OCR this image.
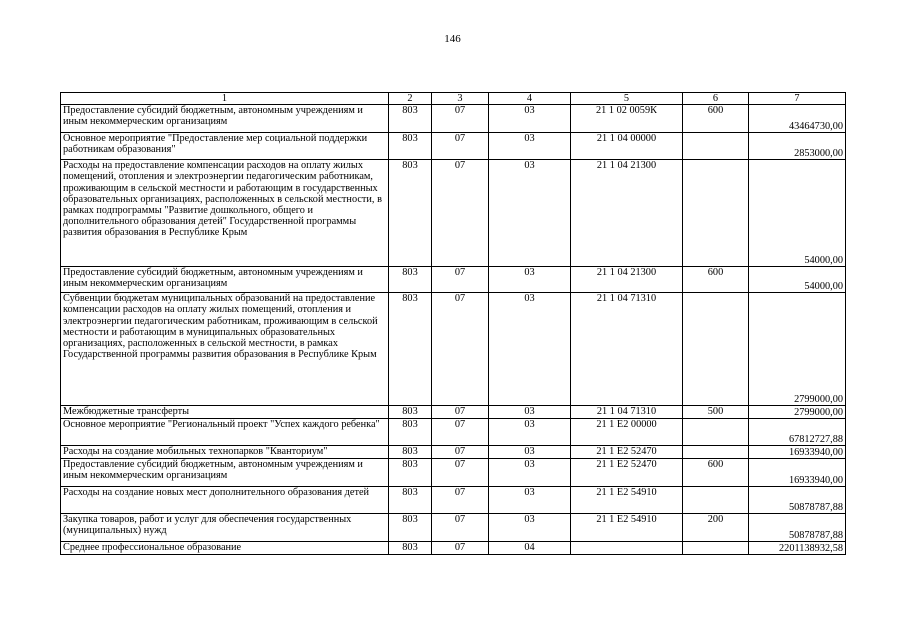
146
1	2	3	4	5	6	7
Предоставление субсидий бюджетным, автономным учреждениям и иным некоммерческим организациям	803	07	03	21 1 02 0059К	600	43464730,00
Основное мероприятие "Предоставление мер социальной поддержки работникам образования"	803	07	03	21 1 04 00000		2853000,00
Расходы на предоставление компенсации расходов на оплату жилых помещений, отопления и электроэнергии педагогическим работникам, проживающим в сельской местности и работающим в государственных образовательных организациях, расположенных в сельской местности, в рамках подпрограммы "Развитие дошкольного, общего и дополнительного образования детей" Государственной программы развития образования в Республике Крым	803	07	03	21 1 04 21300		54000,00
Предоставление субсидий бюджетным, автономным учреждениям и иным некоммерческим организациям	803	07	03	21 1 04 21300	600	54000,00
Субвенции бюджетам муниципальных образований на предоставление компенсации расходов на оплату жилых помещений, отопления и электроэнергии педагогическим работникам, проживающим в сельской местности и работающим в муниципальных образовательных организациях, расположенных в сельской местности, в рамках Государственной программы развития образования в Республике Крым	803	07	03	21 1 04 71310		2799000,00
Межбюджетные трансферты	803	07	03	21 1 04 71310	500	2799000,00
Основное мероприятие "Региональный проект "Успех каждого ребенка"	803	07	03	21 1 E2 00000		67812727,88
Расходы на создание мобильных технопарков "Кванториум"	803	07	03	21 1 E2 52470		16933940,00
Предоставление субсидий бюджетным, автономным учреждениям и иным некоммерческим организациям	803	07	03	21 1 E2 52470	600	16933940,00
Расходы на создание новых мест дополнительного образования детей	803	07	03	21 1 E2 54910		50878787,88
Закупка товаров, работ и услуг для обеспечения государственных (муниципальных) нужд	803	07	03	21 1 E2 54910	200	50878787,88
Среднее профессиональное образование	803	07	04			2201138932,58
